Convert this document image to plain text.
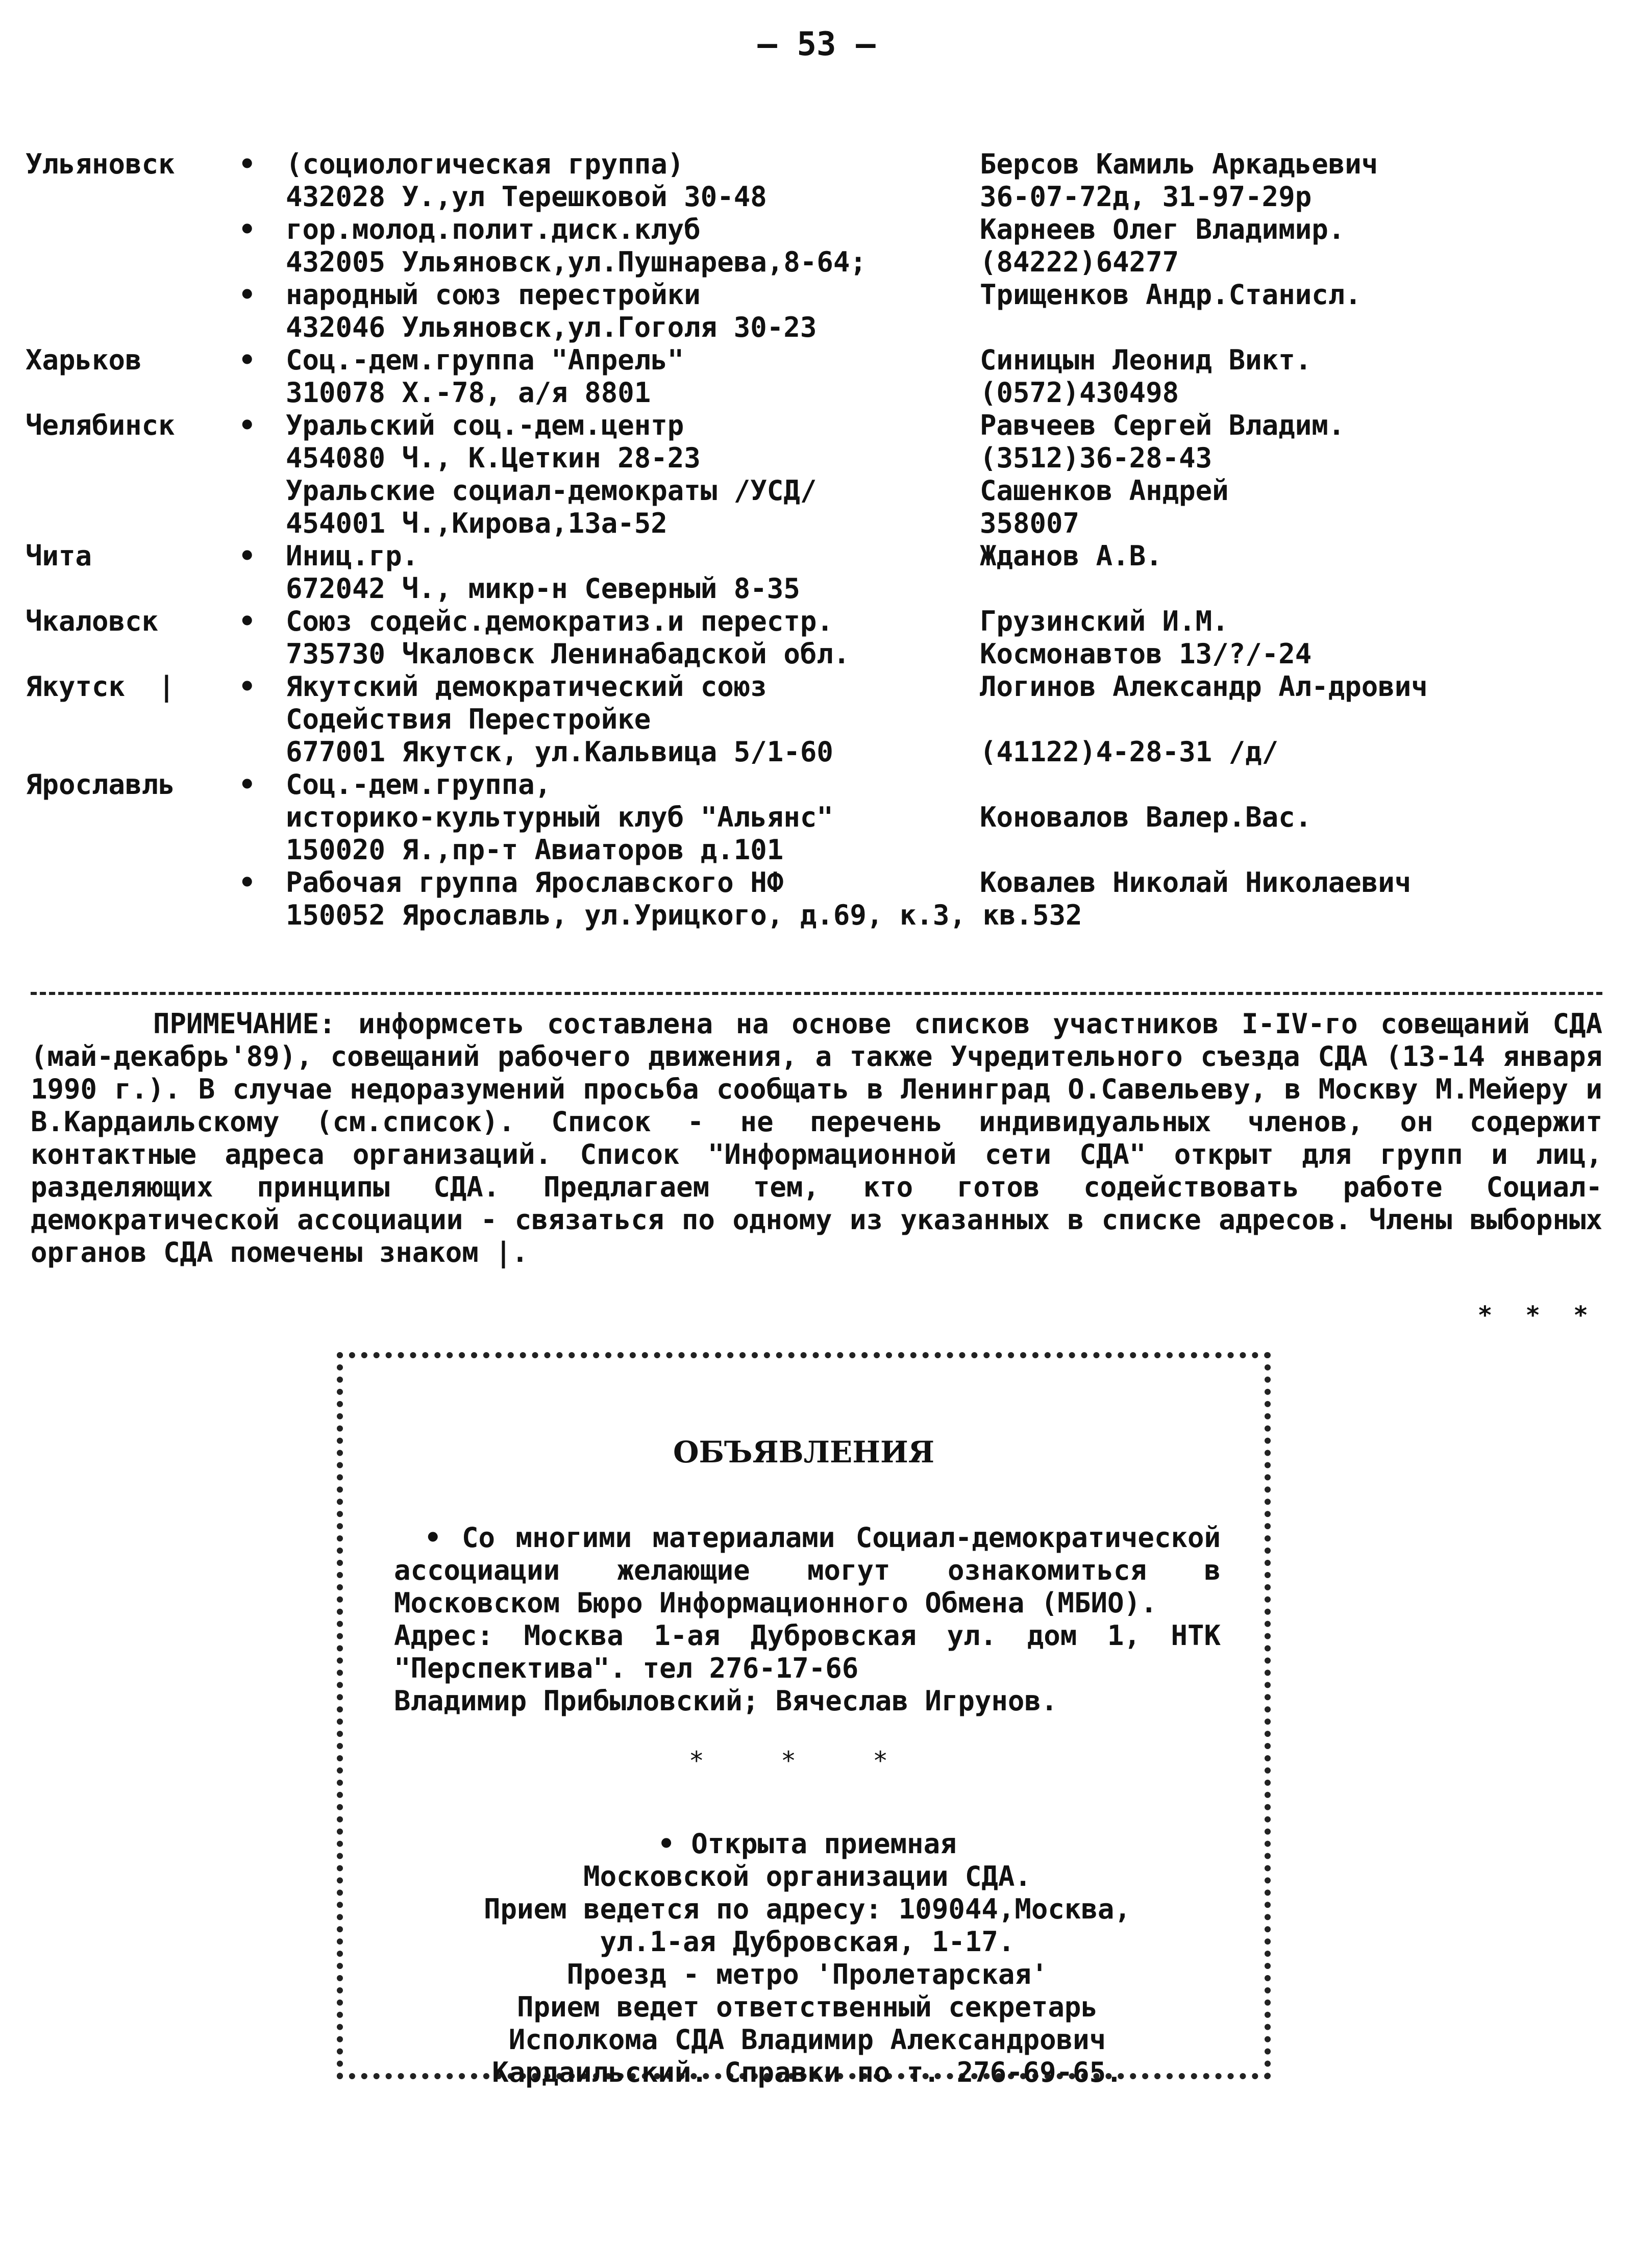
— 53 —
Ульяновск • (социологическая группа)	Берсов Камиль Аркадьевич
432028 У.,ул Терешковой 30-48	36-07-72д, 31-97-29р
• гор.молод.полит.диск.клуб	Карнеев Олег Владимир.
432005 Ульяновск,ул.Пушнарева,8-64;	(84222)64277
• народный союз перестройки	Трищенков Андр.Станисл.
432046 Ульяновск,ул.Гоголя 30-23
Харьков	• Соц.-дем.группа "Апрель"	Синицын Леонид Викт.
310078 Х.-78, а/я 8801	(0572)430498
Челябинск • Уральский соц.-дем.центр	Равчеев Сергей Владим.
454080 Ч., К.Цеткин 28-23	(3512)36-28-43
Уральские социал-демократы /УСД/	Сашенков Андрей
454001 Ч.,Кирова,13а-52	358007
Чита	• Иниц.гр.	Жданов А.В.
672042 Ч., микр-н Северный 8-35
Чкаловск	• Союз содейс.демократиз.и перестр.	Грузинский И.М.
735730 Чкаловск Ленинабадской обл.	Космонавтов 13/?/-24
Якутск  | • Якутский демократический союз	Логинов Александр Ал-дрович
Содействия Перестройке
677001 Якутск, ул.Кальвица 5/1-60	(41122)4-28-31 /д/
Ярославль • Соц.-дем.группа,
историко-культурный клуб "Альянс"	Коновалов Валер.Вас.
150020 Я.,пр-т Авиаторов д.101
• Рабочая группа Ярославского НФ	Ковалев Николай Николаевич
150052 Ярославль, ул.Урицкого, д.69, к.3, кв.532

ПРИМЕЧАНИЕ: информсеть составлена на основе списков участников I-IV-го совещаний СДА (май-декабрь'89), совещаний рабочего движения, а также Учредительного съезда СДА (13-14 января 1990 г.). В случае недоразумений просьба сообщать в Ленинград О.Савельеву, в Москву М.Мейеру и В.Кардаильскому (см.список). Список - не перечень индивидуальных членов, он содержит контактные адреса организаций. Список "Информационной сети СДА" открыт для групп и лиц, разделяющих принципы СДА. Предлагаем тем, кто готов содействовать работе Социал-демократической ассоциации - связаться по одному из указанных в списке адресов. Члены выборных органов СДА помечены знаком |.

* * *
ОБЪЯВЛЕНИЯ

• Со многими материалами Социал-демократической ассоциации желающие могут ознакомиться в Московском Бюро Информационного Обмена (МБИО).

Адрес: Москва 1-ая Дубровская ул. дом 1, НТК "Перспектива". тел 276-17-66

Владимир Прибыловский; Вячеслав Игрунов.

* * *

• Открыта приемная

Московской организации СДА.

Прием ведется по адресу: 109044,Москва,

ул.1-ая Дубровская, 1-17.

Проезд - метро 'Пролетарская'

Прием ведет ответственный секретарь

Исполкома СДА Владимир Александрович

Кардаильский. Справки по т. 276-69-65.
